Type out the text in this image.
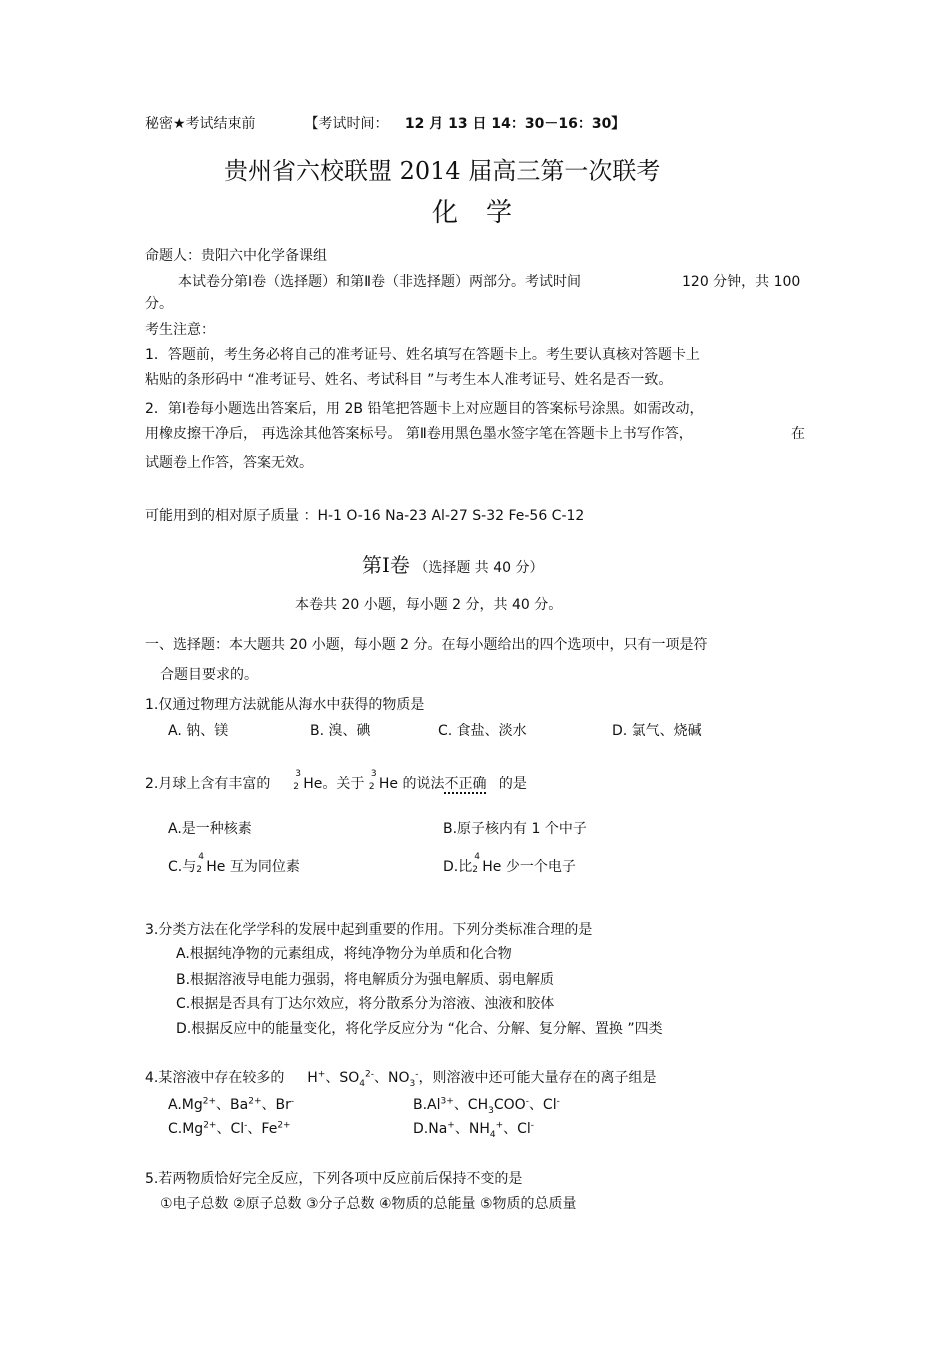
秘密★考试结束前	【考试时间： 12 月 13 日 14：30－16：30】
贵州省六校联盟 2014 届高三第一次联考
化学
命题人：贵阳六中化学备课组
本试卷分第Ⅰ卷（选择题）和第Ⅱ卷（非选择题）两部分。考试时间	120 分钟，共 100
分。
考生注意：
1．答题前，考生务必将自己的准考证号、姓名填写在答题卡上。考生要认真核对答题卡上
粘贴的条形码中 “准考证号、姓名、考试科目 ”与考生本人准考证号、姓名是否一致。
2．第Ⅰ卷每小题选出答案后，用 2B 铅笔把答题卡上对应题目的答案标号涂黑。如需改动，
用橡皮擦干净后， 再选涂其他答案标号。 第Ⅱ卷用黑色墨水签字笔在答题卡上书写作答，	在
试题卷上作答，答案无效。
可能用到的相对原子质量 ：H-1 O-16 Na-23 Al-27 S-32 Fe-56 C-12
第Ⅰ卷 （选择题 共 40 分）
本卷共 20 小题，每小题 2 分，共 40 分。
一、选择题：本大题共 20 小题，每小题 2 分。在每小题给出的四个选项中，只有一项是符
合题目要求的。
1.仅通过物理方法就能从海水中获得的物质是
A. 钠、镁	B. 溴、碘	C. 食盐、淡水	D. 氯气、烧碱
2.月球上含有丰富的
3
2 He。关于
3
2 He 的说法不正确 的是
A.是一种核素	B.原子核内有 1 个中子
C.与
4
2 He 互为同位素	D.比
4
2 He 少一个电子
3.分类方法在化学学科的发展中起到重要的作用。下列分类标准合理的是
A.根据纯净物的元素组成，将纯净物分为单质和化合物
B.根据溶液导电能力强弱，将电解质分为强电解质、弱电解质
C.根据是否具有丁达尔效应，将分散系分为溶液、浊液和胶体
D.根据反应中的能量变化，将化学反应分为 “化合、分解、复分解、置换 ”四类
4.某溶液中存在较多的 H+、$SO_4^{2-}$、$NO_3^-$，则溶液中还可能大量存在的离子组是
$A.Mg^{2+}$、$Ba^{2+}$、Br-	$B.Al^{3+}$、$CH_3COO^-$、Cl-
$C.Mg^{2+}$、Cl-、$Fe^{2+}$	D.Na+、$NH_4^+$、Cl-
5.若两物质恰好完全反应，下列各项中反应前后保持不变的是
①电子总数 ②原子总数 ③分子总数 ④物质的总能量 ⑤物质的总质量
